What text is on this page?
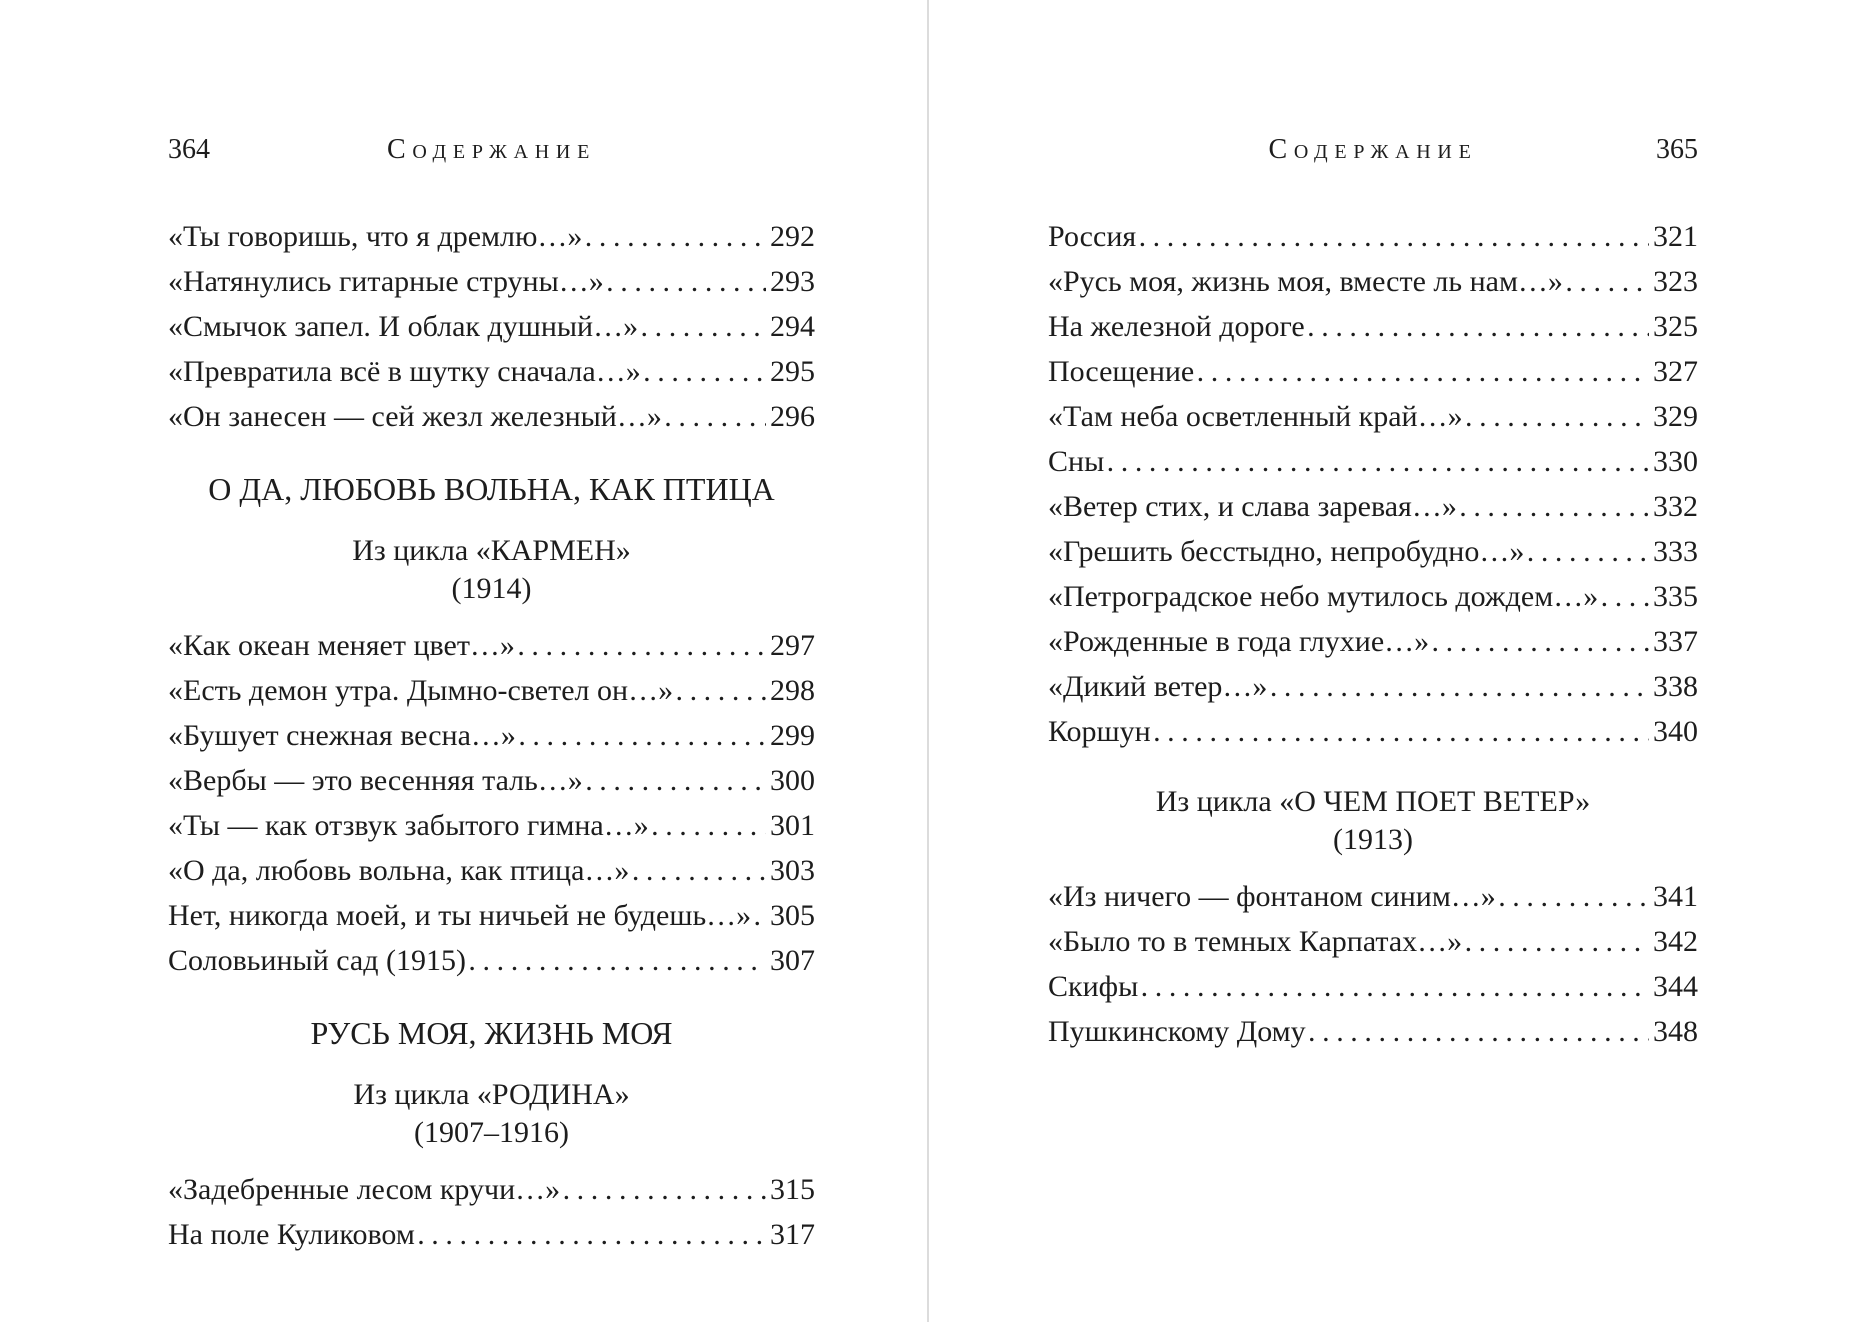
364	Содержание
«Ты говоришь, что я дремлю…» .....	292
«Натянулись гитарные струны…» .....	293
«Смычок запел. И облак душный…» .....	294
«Превратила всё в шутку сначала…» .....	295
«Он занесен — сей жезл железный…» .....	296
О ДА, ЛЮБОВЬ ВОЛЬНА, КАК ПТИЦА
Из цикла «КАРМЕН»
(1914)
«Как океан меняет цвет…» .....	297
«Есть демон утра. Дымно-светел он…» .....	298
«Бушует снежная весна…» .....	299
«Вербы — это весенняя таль…» .....	300
«Ты — как отзвук забытого гимна…» .....	301
«О да, любовь вольна, как птица…» .....	303
Нет, никогда моей, и ты ничьей не будешь…» ..... 305
Соловьиный сад (1915) .....	307
РУСЬ МОЯ, ЖИЗНЬ МОЯ
Из цикла «РОДИНА»
(1907–1916)
«Задебренные лесом кручи…» .....	315
На поле Куликовом .....	317
Содержание	365
Россия .....	321
«Русь моя, жизнь моя, вместе ль нам…» .....	323
На железной дороге .....	325
Посещение .....	327
«Там неба осветленный край…» .....	329
Сны .....	330
«Ветер стих, и слава заревая…» .....	332
«Грешить бесстыдно, непробудно…» .....	333
«Петроградское небо мутилось дождем…» ..... 335
«Рожденные в года глухие…» .....	337
«Дикий ветер…» .....	338
Коршун .....	340
Из цикла «О ЧЕМ ПОЕТ ВЕТЕР»
(1913)
«Из ничего — фонтаном синим…» .....	341
«Было то в темных Карпатах…» .....	342
Скифы .....	344
Пушкинскому Дому .....	348
